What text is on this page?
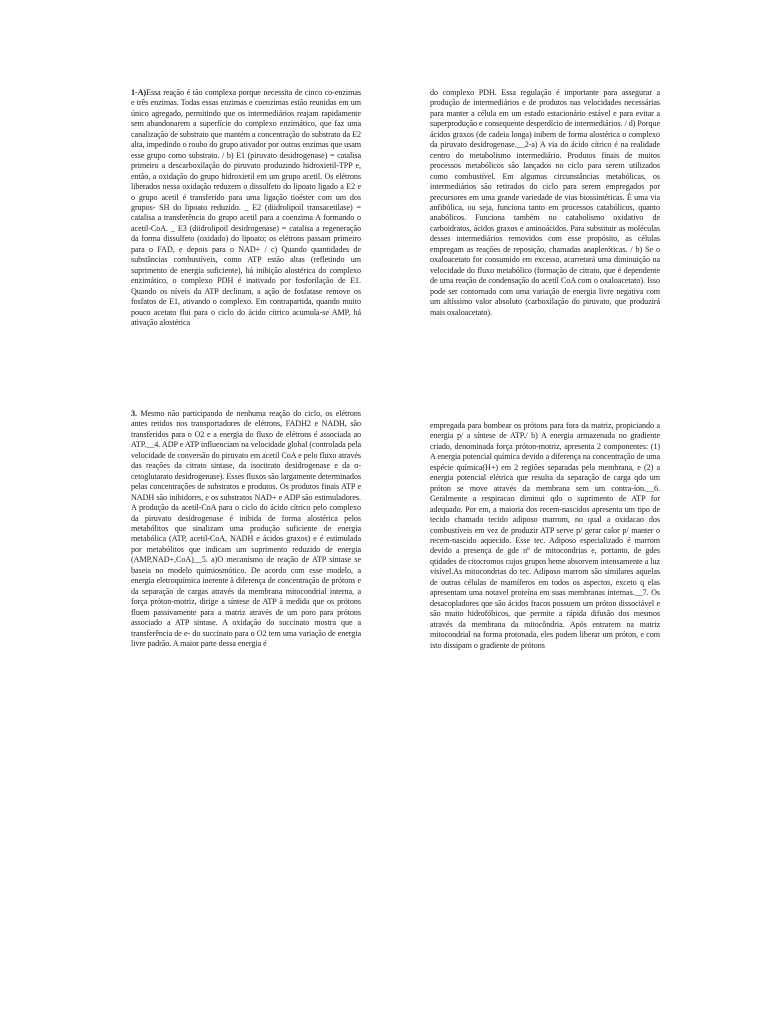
1-A)Essa reação é tão complexa porque necessita de cinco co-enzimas e três enzimas. Todas essas enzimas e coenzimas estão reunidas em um único agregado, permitindo que os intermediários reajam rapidamente sem abandonarem a superfície do complexo enzimático, que faz uma canalização de substrato que mantém a concentração do substrato da E2 alta, impedindo o roubo do grupo ativador por outras enzimas que usam esse grupo como substrato. / b) E1 (piruvato desidrogenase) = catalisa primeiro a descarboxilação do piruvato produzindo hidroxietil-TPP e, então, a oxidação do grupo hidroxietil em um grupo acetil. Os elétrons liberados nessa oxidação reduzem o dissulfeto do lipoato ligado a E2 e o grupo acetil é transferido para uma ligação tioéster com um dos grupos- SH do lipoato reduzido. _ E2 (diidrolipoil transacetilase) = catalisa a transferência do grupo acetil para a coenzima A formando o acetil-CoA. _ E3 (diidrolipoil desidrogenase) = catalisa a regeneração da forma dissulfeto (oxidado) do lipoato; os elétrons passam primeiro para o FAD, e depois para o NAD+ / c) Quando quantidades de substâncias combustíveis, como ATP estão altas (refletindo um suprimento de energia suficiente), há inibição alostérica do complexo enzimático, o complexo PDH é inativado por fosforilação de E1. Quando os níveis da ATP declinam, a ação de fosfatase remove os fosfatos de E1, ativando o complexo. Em contrapartida, quando muito pouco acetato flui para o ciclo do ácido cítrico acumula-se AMP, há ativação alostérica

do complexo PDH. Essa regulação é importante para assegurar a produção de intermediários e de produtos nas velocidades necessárias para manter a célula em um estado estacionário estável e para evitar a superprodução e consequente desperdício de intermediários. / d) Porque ácidos graxos (de cadeia longa) inibem de forma alostérica o complexo da piruvato desidrogenase.__2-a) A via do ácido cítrico é na realidade centro do metabolismo intermediário. Produtos finais de muitos processos metabólicos são lançados no ciclo para serem utilizados como combustível. Em algumas circunstâncias metabólicas, os intermediários são retirados do ciclo para serem empregados por precursores em uma grande variedade de vias biossintéticas. É uma via anfibólica, ou seja, funciona tanto em processos catabólicos, quanto anabólicos. Funciona também no catabolismo oxidativo de carboidratos, ácidos graxos e aminoácidos. Para substituir as moléculas desses intermediários removidos com esse propósito, as células empregam as reações de reposição, chamadas anapleróticas. / b) Se o oxaloacetato for consumido em excesso, acarretará uma diminuição na velocidade do fluxo metabólico (formação de citrato, que é dependente de uma reação de condensação do acetil CoA com o oxaloacetato). Isso pode ser contornado com uma variação de energia livre negativa com um altíssimo valor absoluto (carboxilação do piruvato, que produzirá mais oxaloacetato).

3. Mesmo não participando de nenhuma reação do ciclo, os elétrons antes retidos nos transportadores de elétrons, FADH2 e NADH, são transferidos para o O2 e a energia do fluxo de elétrons é associada ao ATP.__4. ADP e ATP influenciam na velocidade global (controlada pela velocidade de conversão do piruvato em acetil CoA e pelo fluxo através das reações da citrato sintase, da isocitrato desidrogenase e da α-cetoglutarato desidrogenase). Esses fluxos são largamente determinados pelas concentrações de substratos e produtos. Os produtos finais ATP e NADH são inibidores, e os substratos NAD+ e ADP são estimuladores. A produção da acetil-CoA para o ciclo do ácido cítrico pelo complexo da piruvato desidrogenase é inibida de forma alostérica pelos metabólitos que sinalizam uma produção suficiente de energia metabólica (ATP, acetil-CoA, NADH e ácidos graxos) e é estimulada por metabólitos que indicam um suprimento reduzido de energia (AMP,NAD+,CoA)__5. a)O mecanismo de reação de ATP sintase se baseia no modelo quimiosmótico. De acordo com esse modelo, a energia eletroquímica inerente à diferença de concentração de prótons e da separação de cargas através da membrana mitocondrial interna, a força próton-motriz, dirige a síntese de ATP à medida que os prótons fluem passivamente para a matriz através de um poro para prótons associado a ATP sintase. A oxidação do succinato mostra que a transferência de e- do succinato para o O2 tem uma variação de energia livre padrão. A maior parte dessa energia é

empregada para bombear os prótons para fora da matriz, propiciando a energia p/ a síntese de ATP./ b) A energia armazenada no gradiente criado, denominada força próton-motriz, apresenta 2 componentes: (1) A energia potencial química devido a diferença na concentração de uma espécie química(H+) em 2 regiões separadas pela membrana, e (2) a energia potencial elétrica que resulta da separação de carga qdo um próton se move através da membrana sem um contra-íon.__6. Geralmente a respiracao diminui qdo o suprimento de ATP for adequado. Por em, a maioria dos recem-nascidos apresenta um tipo de tecido chamado tecido adiposo marrom, no qual a oxidacao dos combustíveis em vez de produzir ATP serve p/ gerar calor p/ manter o recem-nascido aquecido. Esse tec. Adiposo especializado é marrom devido a presença de gde nº de mitocondrias e, portanto, de gdes qtidades de citocromos cujos grupos heme absorvem intensamente a luz visível.As mitocondrias do tec. Adiposo marrom são similares aquelas de outras células de mamíferos em todos os aspectos, exceto q elas apresentam uma notavel proteína em suas membranas internas.__7. Os desacopladores que são ácidos fracos possuem um próton dissociável e são muito hidrofóbicos, que permite a rápida difusão dos mesmos através da membrana da mitocôndria. Após entrarem na matriz mitocondrial na forma protonada, eles podem liberar um próton, e com isto dissipam o gradiente de prótons
